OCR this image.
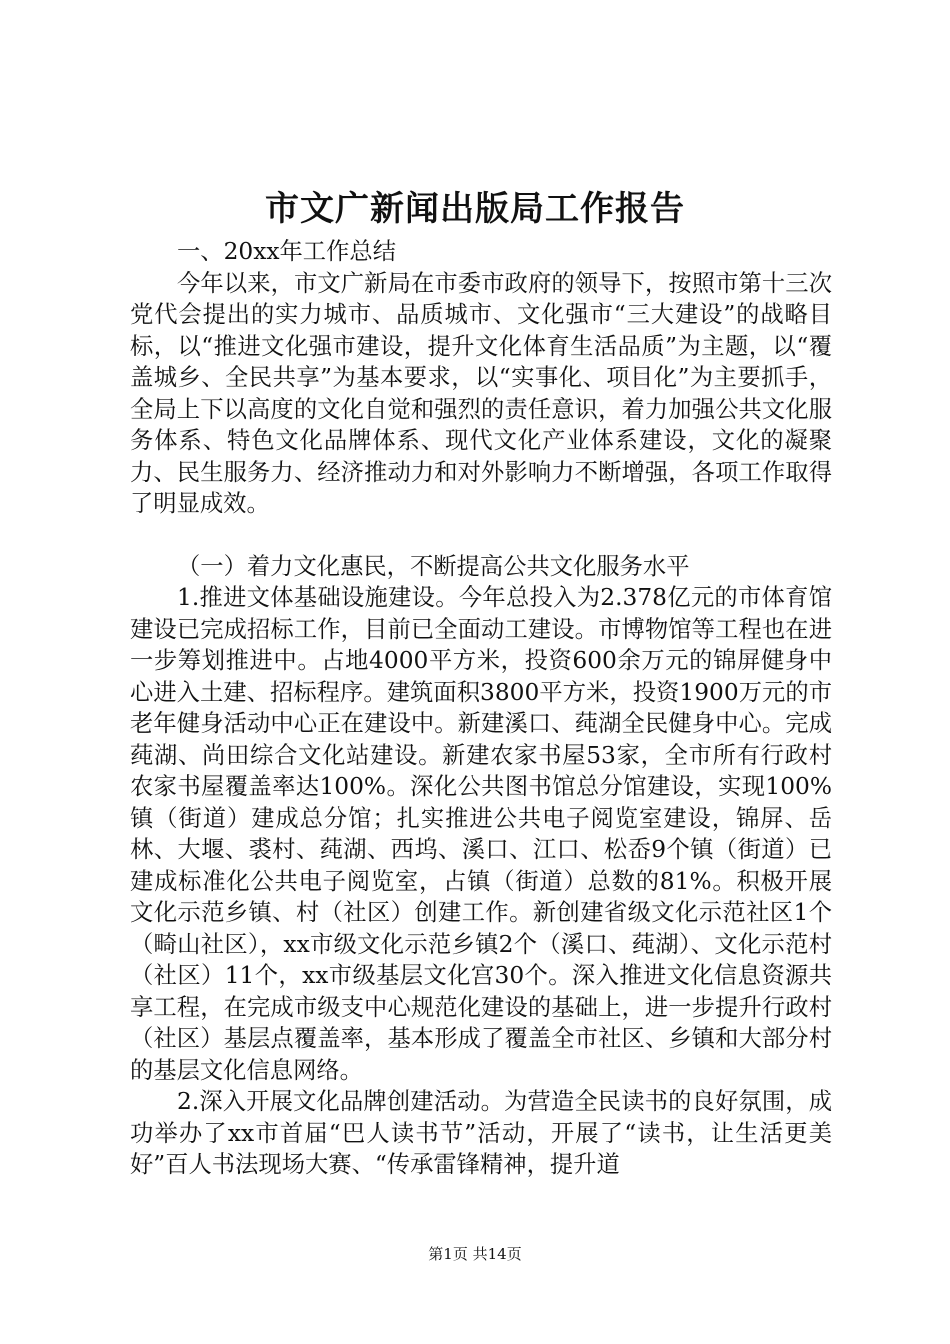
市文广新闻出版局工作报告

一、20xx年工作总结

今年以来，市文广新局在市委市政府的领导下，按照市第十三次党代会提出的实力城市、品质城市、文化强市“三大建设”的战略目标，以“推进文化强市建设，提升文化体育生活品质”为主题，以“覆盖城乡、全民共享”为基本要求，以“实事化、项目化”为主要抓手，全局上下以高度的文化自觉和强烈的责任意识，着力加强公共文化服务体系、特色文化品牌体系、现代文化产业体系建设，文化的凝聚力、民生服务力、经济推动力和对外影响力不断增强，各项工作取得了明显成效。

（一）着力文化惠民，不断提高公共文化服务水平

1.推进文体基础设施建设。今年总投入为2.378亿元的市体育馆建设已完成招标工作，目前已全面动工建设。市博物馆等工程也在进一步筹划推进中。占地4000平方米，投资600余万元的锦屏健身中心进入土建、招标程序。建筑面积3800平方米，投资1900万元的市老年健身活动中心正在建设中。新建溪口、莼湖全民健身中心。完成莼湖、尚田综合文化站建设。新建农家书屋53家，全市所有行政村农家书屋覆盖率达100%。深化公共图书馆总分馆建设，实现100%镇（街道）建成总分馆；扎实推进公共电子阅览室建设，锦屏、岳林、大堰、裘村、莼湖、西坞、溪口、江口、松岙9个镇（街道）已建成标准化公共电子阅览室，占镇（街道）总数的81%。积极开展文化示范乡镇、村（社区）创建工作。新创建省级文化示范社区1个（畸山社区），xx市级文化示范乡镇2个（溪口、莼湖）、文化示范村（社区）11个，xx市级基层文化宫30个。深入推进文化信息资源共享工程，在完成市级支中心规范化建设的基础上，进一步提升行政村（社区）基层点覆盖率，基本形成了覆盖全市社区、乡镇和大部分村的基层文化信息网络。

2.深入开展文化品牌创建活动。为营造全民读书的良好氛围，成功举办了xx市首届“巴人读书节”活动，开展了“读书，让生活更美好”百人书法现场大赛、“传承雷锋精神，提升道

第1页 共14页
